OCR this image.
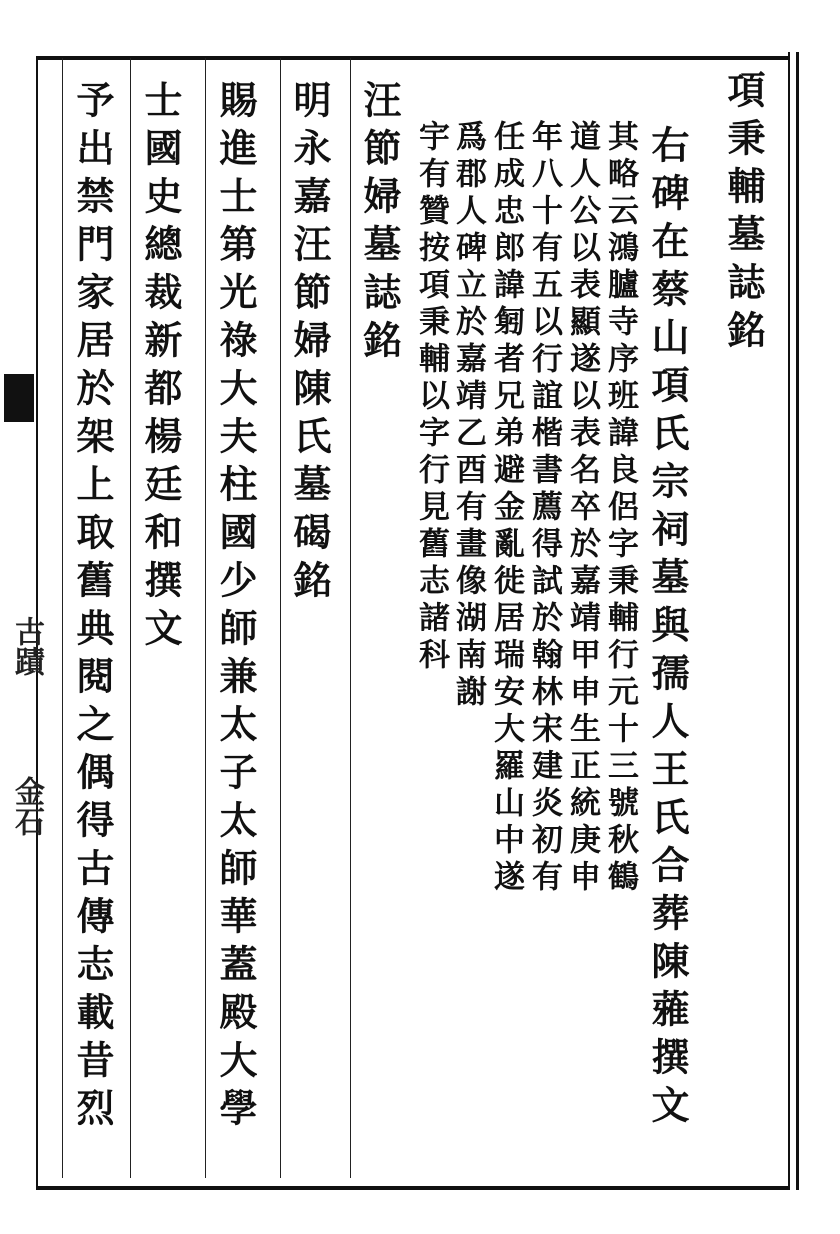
項秉輔墓誌銘
右碑在蔡山項氏宗祠墓與孺人王氏合葬陳蕥撰文
其略云鴻臚寺序班諱良侶字秉輔行元十三號秋鶴
道人公以表顯遂以表名卒於嘉靖甲申生正統庚申
年八十有五以行誼楷書薦得試於翰林宋建炎初有
任成忠郎諱匑者兄弟避金亂徙居瑞安大羅山中遂
爲郡人碑立於嘉靖乙酉有畫像湖南謝
宇有贊按項秉輔以字行見舊志諸科
汪節婦墓誌銘
明永嘉汪節婦陳氏墓碣銘
賜進士第光祿大夫柱國少師兼太子太師華蓋殿大學
士國史總裁新都楊廷和撰文
予出禁門家居於架上取舊典閱之偶得古傳志載昔烈
古蹟
金石
